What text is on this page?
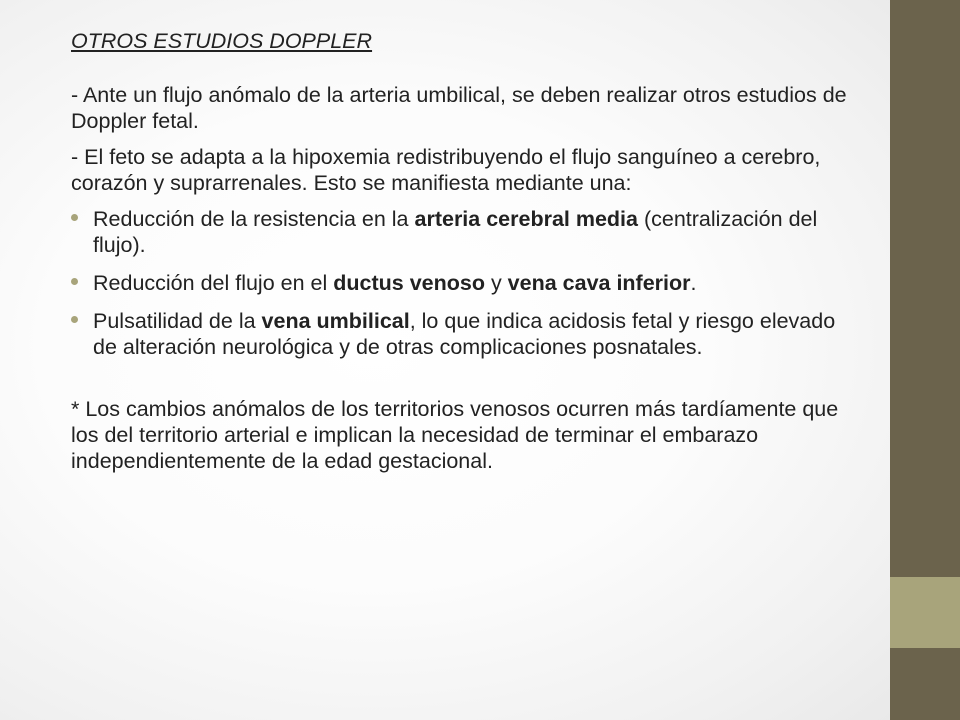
OTROS ESTUDIOS DOPPLER

- Ante un flujo anómalo de la arteria umbilical, se deben realizar otros estudios de Doppler fetal.

- El feto se adapta a la hipoxemia redistribuyendo el flujo sanguíneo a cerebro, corazón y suprarrenales. Esto se manifiesta mediante una:

Reducción de la resistencia en la arteria cerebral media (centralización del flujo).
Reducción del flujo en el ductus venoso y vena cava inferior.
Pulsatilidad de la vena umbilical, lo que indica acidosis fetal y riesgo elevado de alteración neurológica y de otras complicaciones posnatales.

* Los cambios anómalos de los territorios venosos ocurren más tardíamente que los del territorio arterial e implican la necesidad de terminar el embarazo independientemente de la edad gestacional.
